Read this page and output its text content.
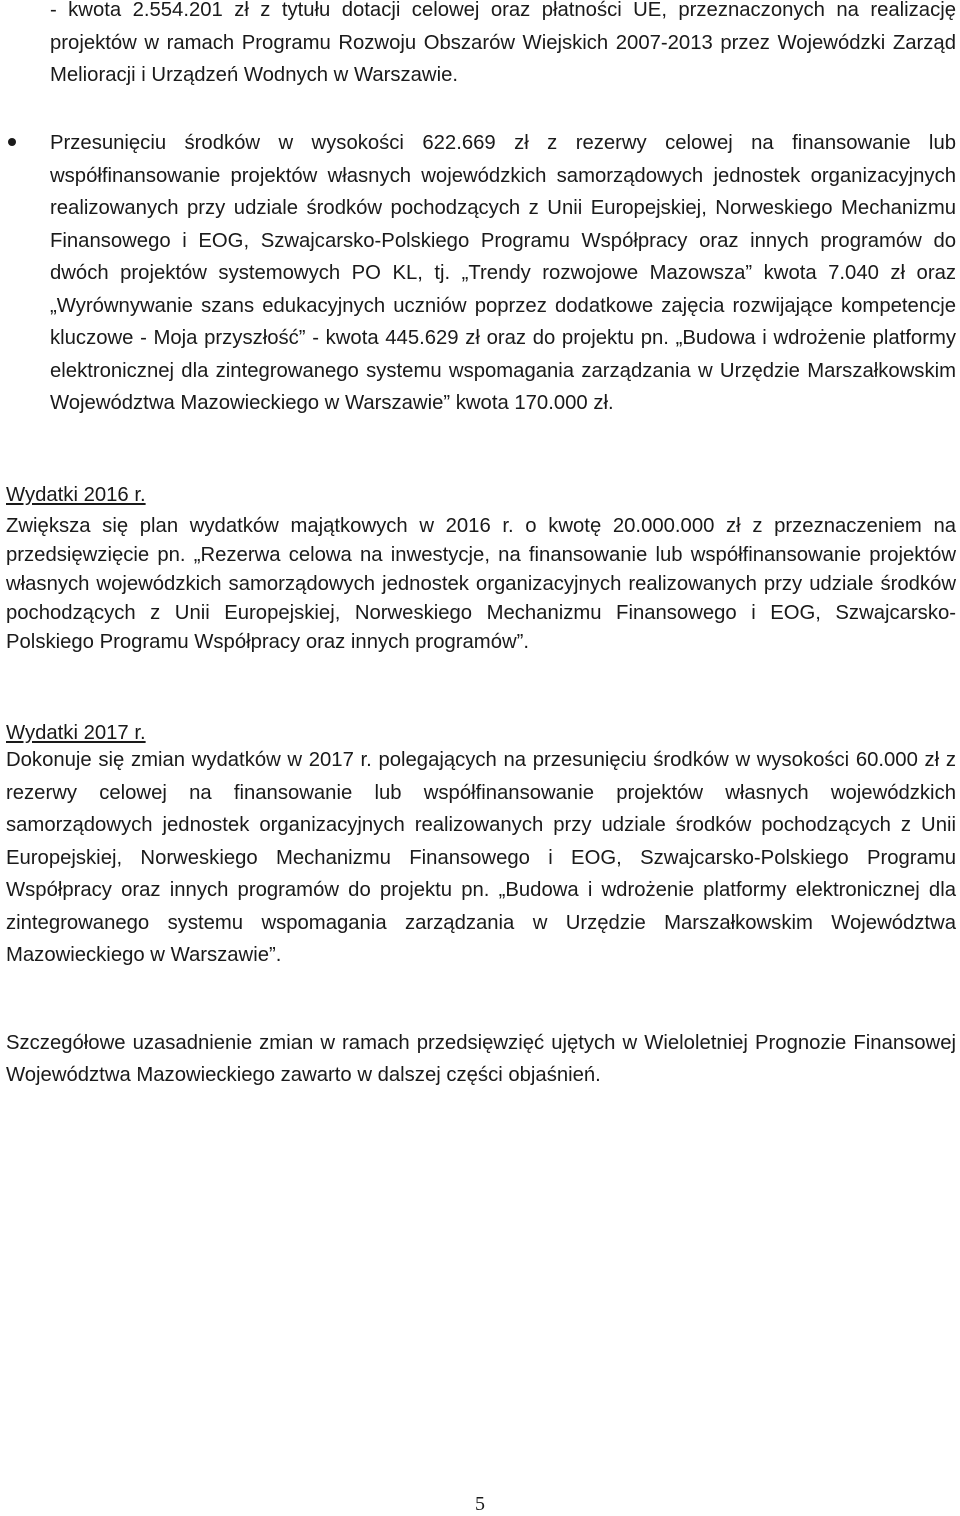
- kwota 2.554.201 zł z tytułu dotacji celowej oraz płatności UE, przeznaczonych na realizację projektów w ramach Programu Rozwoju Obszarów Wiejskich 2007-2013 przez Wojewódzki Zarząd Melioracji i Urządzeń Wodnych w Warszawie.

Przesunięciu środków w wysokości 622.669 zł z rezerwy celowej na finansowanie lub współfinansowanie projektów własnych wojewódzkich samorządowych jednostek organizacyjnych realizowanych przy udziale środków pochodzących z Unii Europejskiej, Norweskiego Mechanizmu Finansowego i EOG, Szwajcarsko-Polskiego Programu Współpracy oraz innych programów do dwóch projektów systemowych PO KL, tj. „Trendy rozwojowe Mazowsza” kwota 7.040 zł oraz „Wyrównywanie szans edukacyjnych uczniów poprzez dodatkowe zajęcia rozwijające kompetencje kluczowe - Moja przyszłość” - kwota 445.629 zł oraz do projektu pn. „Budowa i wdrożenie platformy elektronicznej dla zintegrowanego systemu wspomagania zarządzania w Urzędzie Marszałkowskim Województwa Mazowieckiego w Warszawie” kwota 170.000 zł.

Wydatki 2016 r.

Zwiększa się plan wydatków majątkowych w 2016 r. o kwotę 20.000.000 zł z przeznaczeniem na przedsięwzięcie pn. „Rezerwa celowa na inwestycje, na finansowanie lub współfinansowanie projektów własnych wojewódzkich samorządowych jednostek organizacyjnych realizowanych przy udziale środków pochodzących z Unii Europejskiej, Norweskiego Mechanizmu Finansowego i EOG, Szwajcarsko-Polskiego Programu Współpracy oraz innych programów”.

Wydatki 2017 r.

Dokonuje się zmian wydatków w 2017 r. polegających na przesunięciu środków w wysokości 60.000 zł z rezerwy celowej na finansowanie lub współfinansowanie projektów własnych wojewódzkich samorządowych jednostek organizacyjnych realizowanych przy udziale środków pochodzących z Unii Europejskiej, Norweskiego Mechanizmu Finansowego i EOG, Szwajcarsko-Polskiego Programu Współpracy oraz innych programów do projektu pn. „Budowa i wdrożenie platformy elektronicznej dla zintegrowanego systemu wspomagania zarządzania w Urzędzie Marszałkowskim Województwa Mazowieckiego w Warszawie”.

Szczegółowe uzasadnienie zmian w ramach przedsięwzięć ujętych w Wieloletniej Prognozie Finansowej Województwa Mazowieckiego zawarto w dalszej części objaśnień.

5
